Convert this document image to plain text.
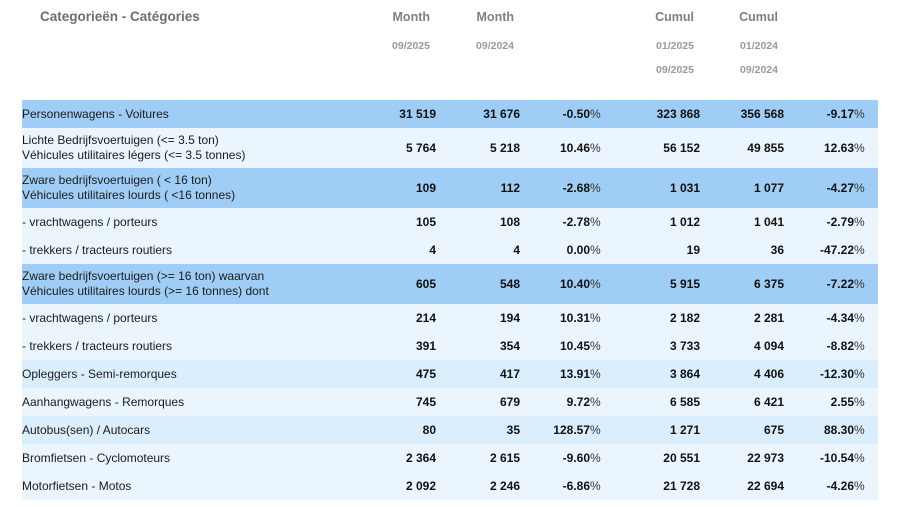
Categorieën - Catégories	Month	Month			Cumul	Cumul		
	09/2025	09/2024			01/2025	01/2024		
					09/2025	09/2024		

Personenwagens - Voitures	31 519	31 676	-0.50	%	323 868	356 568	-9.17	%
Lichte Bedrijfsvoertuigen (<= 3.5 ton)
Véhicules utilitaires légers (<= 3.5 tonnes)	5 764	5 218	10.46	%	56 152	49 855	12.63	%
Zware bedrijfsvoertuigen ( < 16 ton)
Véhicules utilitaires lourds ( <16 tonnes)	109	112	-2.68	%	1 031	1 077	-4.27	%
- vrachtwagens / porteurs	105	108	-2.78	%	1 012	1 041	-2.79	%
- trekkers / tracteurs routiers	4	4	0.00	%	19	36	-47.22	%
Zware bedrijfsvoertuigen (>= 16 ton) waarvan
Véhicules utilitaires lourds (>= 16 tonnes) dont	605	548	10.40	%	5 915	6 375	-7.22	%
- vrachtwagens / porteurs	214	194	10.31	%	2 182	2 281	-4.34	%
- trekkers / tracteurs routiers	391	354	10.45	%	3 733	4 094	-8.82	%
Opleggers - Semi-remorques	475	417	13.91	%	3 864	4 406	-12.30	%
Aanhangwagens - Remorques	745	679	9.72	%	6 585	6 421	2.55	%
Autobus(sen) / Autocars	80	35	128.57	%	1 271	675	88.30	%
Bromfietsen - Cyclomoteurs	2 364	2 615	-9.60	%	20 551	22 973	-10.54	%
Motorfietsen - Motos	2 092	2 246	-6.86	%	21 728	22 694	-4.26	%
